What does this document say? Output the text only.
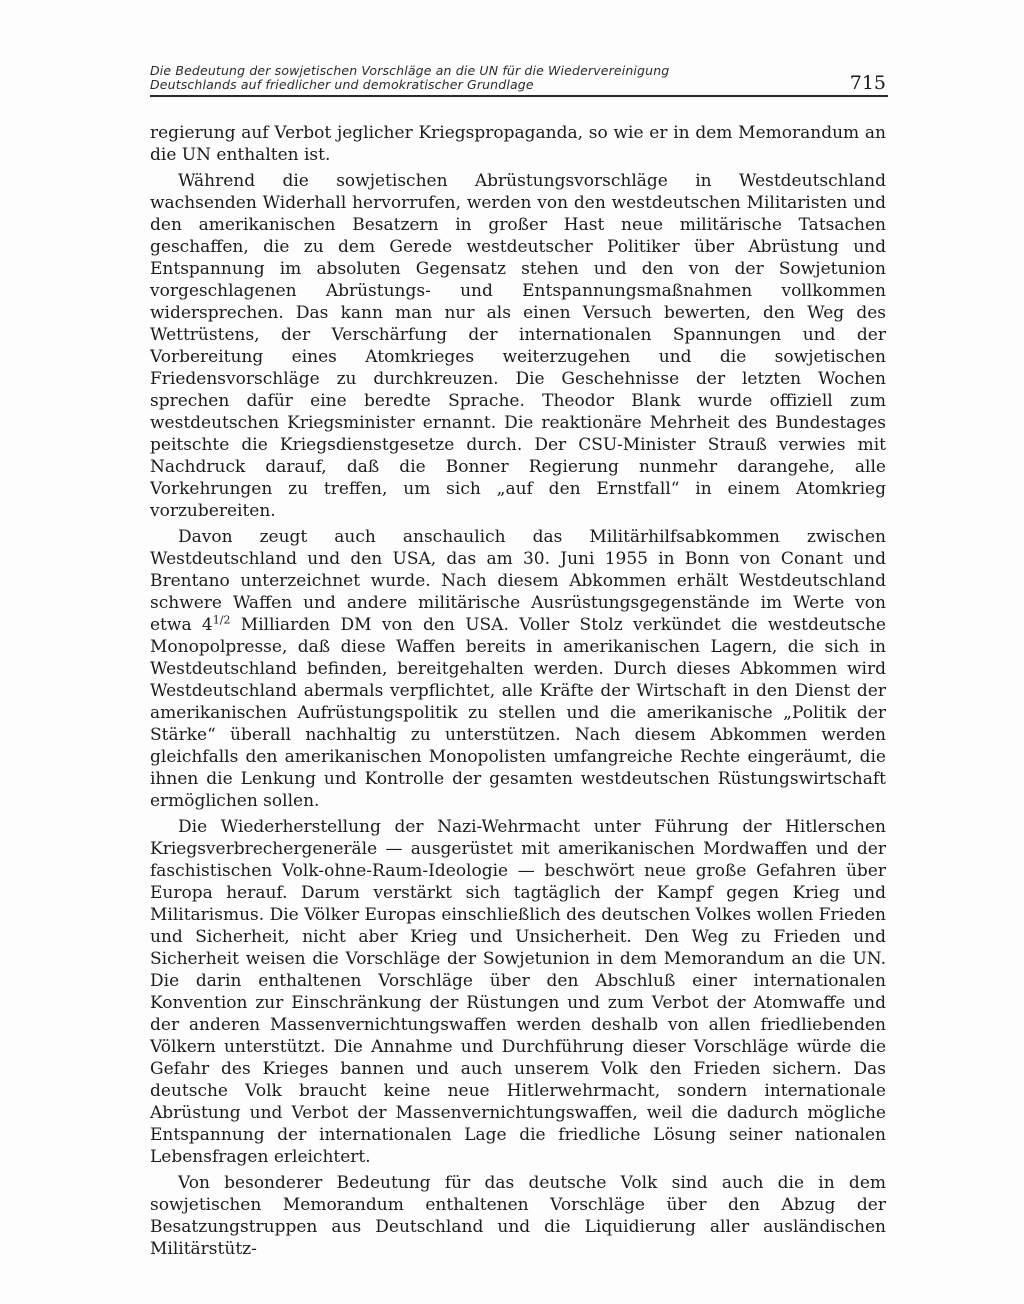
Die Bedeutung der sowjetischen Vorschläge an die UN für die Wiedervereinigung
Deutschlands auf friedlicher und demokratischer Grundlage	715

regierung auf Verbot jeglicher Kriegspropaganda, so wie er in dem Memorandum an die UN enthalten ist.

Während die sowjetischen Abrüstungsvorschläge in Westdeutschland wachsenden Widerhall hervorrufen, werden von den westdeutschen Militaristen und den amerikanischen Besatzern in großer Hast neue militärische Tatsachen geschaffen, die zu dem Gerede westdeutscher Politiker über Abrüstung und Entspannung im absoluten Gegensatz stehen und den von der Sowjetunion vorgeschlagenen Abrüstungs- und Entspannungsmaßnahmen vollkommen widersprechen. Das kann man nur als einen Versuch bewerten, den Weg des Wettrüstens, der Verschärfung der internationalen Spannungen und der Vorbereitung eines Atomkrieges weiterzugehen und die sowjetischen Friedensvorschläge zu durchkreuzen. Die Geschehnisse der letzten Wochen sprechen dafür eine beredte Sprache. Theodor Blank wurde offiziell zum westdeutschen Kriegsminister ernannt. Die reaktionäre Mehrheit des Bundestages peitschte die Kriegsdienstgesetze durch. Der CSU-Minister Strauß verwies mit Nachdruck darauf, daß die Bonner Regierung nunmehr darangehe, alle Vorkehrungen zu treffen, um sich „auf den Ernstfall“ in einem Atomkrieg vorzubereiten.

Davon zeugt auch anschaulich das Militärhilfsabkommen zwischen Westdeutschland und den USA, das am 30. Juni 1955 in Bonn von Conant und Brentano unterzeichnet wurde. Nach diesem Abkommen erhält Westdeutschland schwere Waffen und andere militärische Ausrüstungsgegenstände im Werte von etwa $4^{1/2}$ Milliarden DM von den USA. Voller Stolz verkündet die westdeutsche Monopolpresse, daß diese Waffen bereits in amerikanischen Lagern, die sich in Westdeutschland befinden, bereitgehalten werden. Durch dieses Abkommen wird Westdeutschland abermals verpflichtet, alle Kräfte der Wirtschaft in den Dienst der amerikanischen Aufrüstungspolitik zu stellen und die amerikanische „Politik der Stärke“ überall nachhaltig zu unterstützen. Nach diesem Abkommen werden gleichfalls den amerikanischen Monopolisten umfangreiche Rechte eingeräumt, die ihnen die Lenkung und Kontrolle der gesamten westdeutschen Rüstungswirtschaft ermöglichen sollen.

Die Wiederherstellung der Nazi-Wehrmacht unter Führung der Hitlerschen Kriegsverbrechergeneräle — ausgerüstet mit amerikanischen Mordwaffen und der faschistischen Volk-ohne-Raum-Ideologie — beschwört neue große Gefahren über Europa herauf. Darum verstärkt sich tagtäglich der Kampf gegen Krieg und Militarismus. Die Völker Europas einschließlich des deutschen Volkes wollen Frieden und Sicherheit, nicht aber Krieg und Unsicherheit. Den Weg zu Frieden und Sicherheit weisen die Vorschläge der Sowjetunion in dem Memorandum an die UN. Die darin enthaltenen Vorschläge über den Abschluß einer internationalen Konvention zur Einschränkung der Rüstungen und zum Verbot der Atomwaffe und der anderen Massenvernichtungswaffen werden deshalb von allen friedliebenden Völkern unterstützt. Die Annahme und Durchführung dieser Vorschläge würde die Gefahr des Krieges bannen und auch unserem Volk den Frieden sichern. Das deutsche Volk braucht keine neue Hitlerwehrmacht, sondern internationale Abrüstung und Verbot der Massenvernichtungswaffen, weil die dadurch mögliche Entspannung der internationalen Lage die friedliche Lösung seiner nationalen Lebensfragen erleichtert.

Von besonderer Bedeutung für das deutsche Volk sind auch die in dem sowjetischen Memorandum enthaltenen Vorschläge über den Abzug der Besatzungstruppen aus Deutschland und die Liquidierung aller ausländischen Militärstütz-
